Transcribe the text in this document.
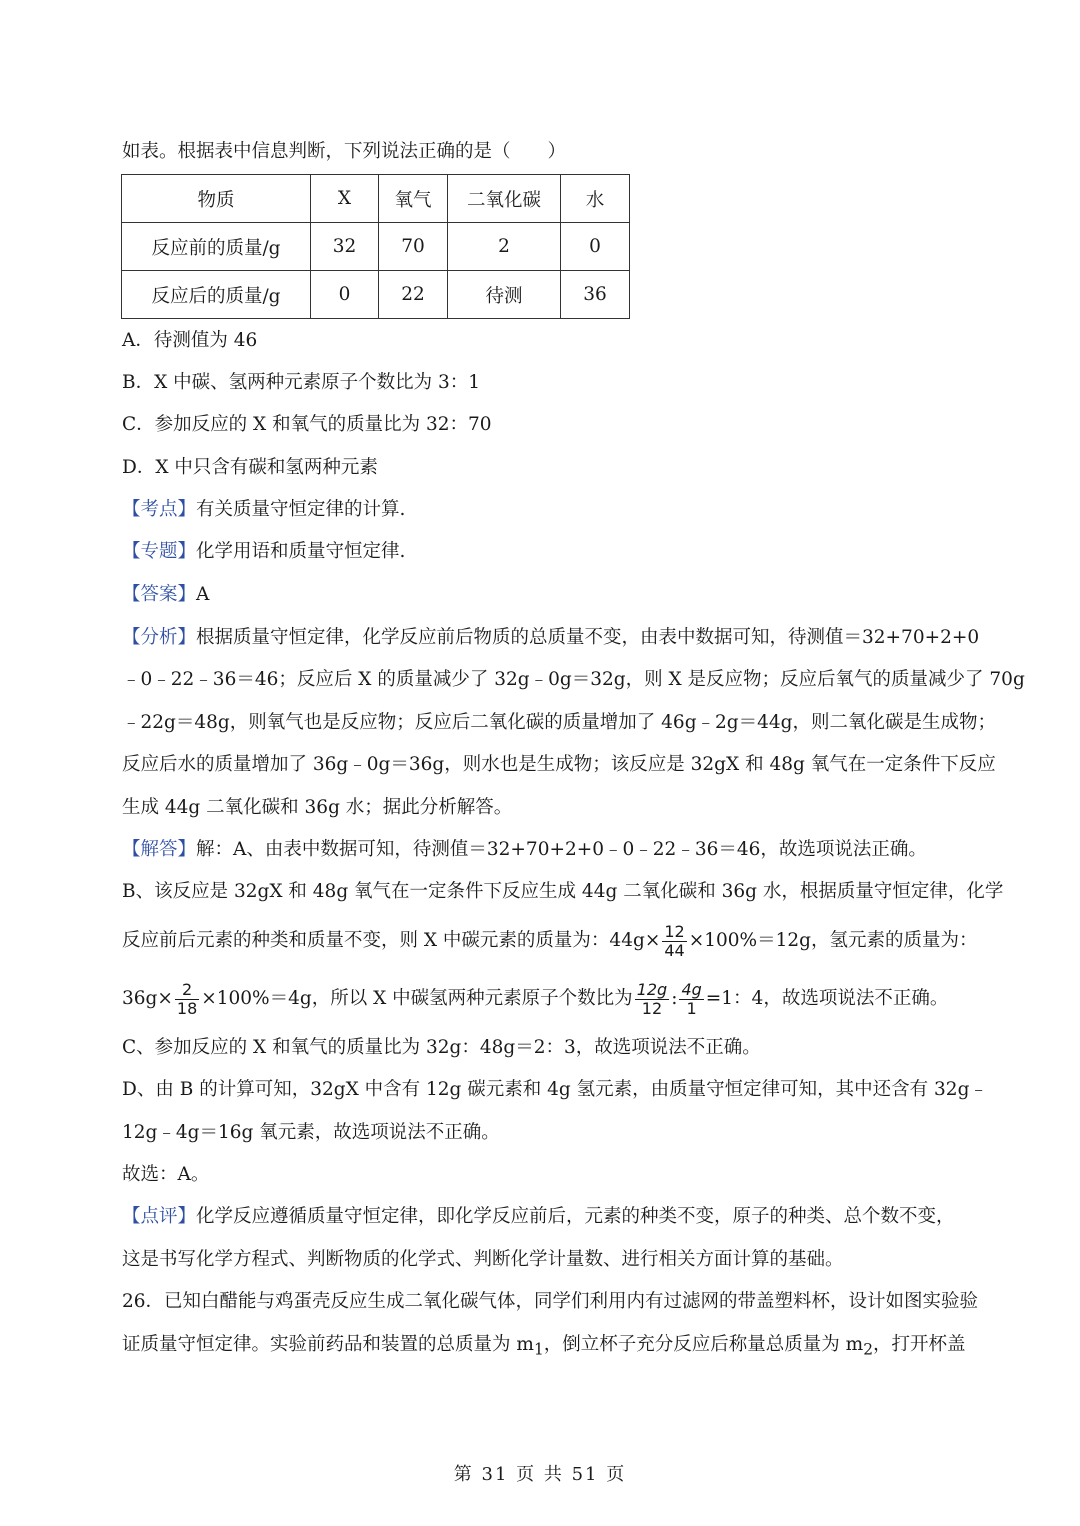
如表。根据表中信息判断，下列说法正确的是（　　）
物质	X	氧气	二氧化碳	水
反应前的质量/g	32	70	2	0
反应后的质量/g	0	22	待测	36
A．待测值为 46
B．X 中碳、氢两种元素原子个数比为 3：1
C．参加反应的 X 和氧气的质量比为 32：70
D．X 中只含有碳和氢两种元素
【考点】有关质量守恒定律的计算.
【专题】化学用语和质量守恒定律.
【答案】A
【分析】根据质量守恒定律，化学反应前后物质的总质量不变，由表中数据可知，待测值＝32+70+2+0
﹣0﹣22﹣36＝46；反应后 X 的质量减少了 32g﹣0g＝32g，则 X 是反应物；反应后氧气的质量减少了 70g
﹣22g＝48g，则氧气也是反应物；反应后二氧化碳的质量增加了 46g﹣2g＝44g，则二氧化碳是生成物；
反应后水的质量增加了 36g﹣0g＝36g，则水也是生成物；该反应是 32gX 和 48g 氧气在一定条件下反应
生成 44g 二氧化碳和 36g 水；据此分析解答。
【解答】解：A、由表中数据可知，待测值＝32+70+2+0﹣0﹣22﹣36＝46，故选项说法正确。
B、该反应是 32gX 和 48g 氧气在一定条件下反应生成 44g 二氧化碳和 36g 水，根据质量守恒定律，化学
反应前后元素的种类和质量不变，则 X 中碳元素的质量为：$44g\times \frac{12}{44} \times 100\%=12g$，氢元素的质量为：
$36g\times \frac{2}{18} \times 100\%=4g$，所以 X 中碳氢两种元素原子个数比为 $\frac{12g}{12}$ : $\frac{4g}{1} =1$：4，故选项说法不正确。
C、参加反应的 X 和氧气的质量比为 32g：48g＝2：3，故选项说法不正确。
D、由 B 的计算可知，32gX 中含有 12g 碳元素和 4g 氢元素，由质量守恒定律可知，其中还含有 32g﹣
12g﹣4g＝16g 氧元素，故选项说法不正确。
故选：A。
【点评】化学反应遵循质量守恒定律，即化学反应前后，元素的种类不变，原子的种类、总个数不变，
这是书写化学方程式、判断物质的化学式、判断化学计量数、进行相关方面计算的基础。
26．已知白醋能与鸡蛋壳反应生成二氧化碳气体，同学们利用内有过滤网的带盖塑料杯，设计如图实验验
证质量守恒定律。实验前药品和装置的总质量为 $m_1$，倒立杯子充分反应后称量总质量为 $m_2$，打开杯盖
第 31 页 共 51 页
